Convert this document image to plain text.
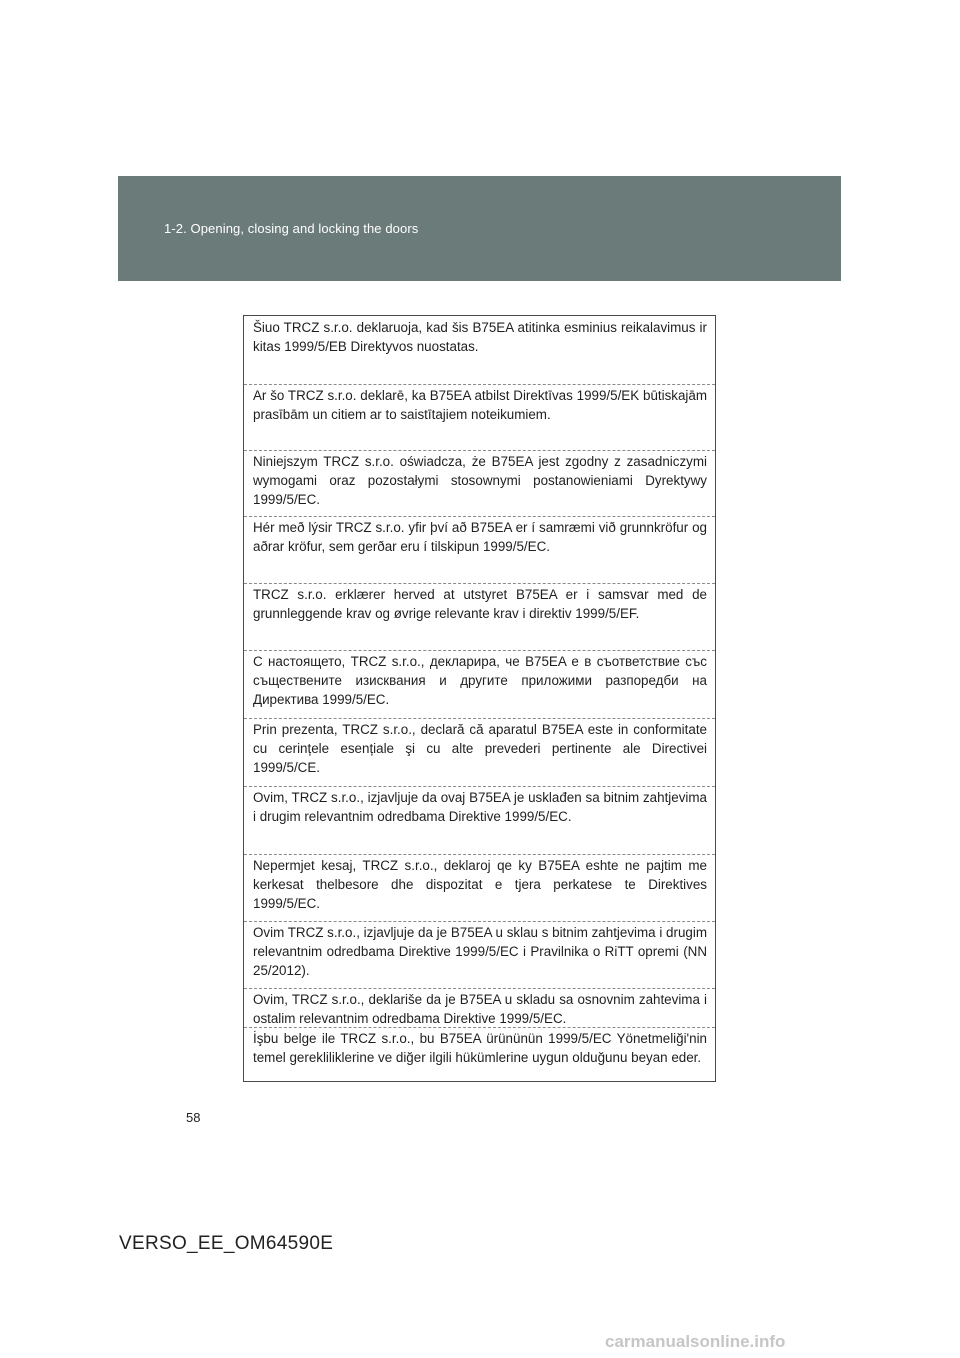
1-2. Opening, closing and locking the doors
Šiuo TRCZ s.r.o. deklaruoja, kad šis B75EA atitinka esminius reikalavimus ir kitas 1999/5/EB Direktyvos nuostatas.
Ar šo TRCZ s.r.o. deklarē, ka B75EA atbilst Direktīvas 1999/5/EK būtiskajām prasībām un citiem ar to saistītajiem noteikumiem.
Niniejszym TRCZ s.r.o. oświadcza, że B75EA jest zgodny z zasadniczymi wymogami oraz pozostałymi stosownymi postanowieniami Dyrektywy 1999/5/EC.
Hér með lýsir TRCZ s.r.o. yfir því að B75EA er í samræmi við grunnkröfur og aðrar kröfur, sem gerðar eru í tilskipun 1999/5/EC.
TRCZ s.r.o. erklærer herved at utstyret B75EA er i samsvar med de grunnleggende krav og øvrige relevante krav i direktiv 1999/5/EF.
С настоящето, TRCZ s.r.o., декларира, че B75EA е в съответствие със съществените изисквания и другите приложими разпоредби на Директива 1999/5/ЕС.
Prin prezenta, TRCZ s.r.o., declară că aparatul B75EA este in conformitate cu cerințele esențiale şi cu alte prevederi pertinente ale Directivei 1999/5/CE.
Ovim, TRCZ s.r.o., izjavljuje da ovaj B75EA je usklađen sa bitnim zahtjevima i drugim relevantnim odredbama Direktive 1999/5/EC.
Nepermjet kesaj, TRCZ s.r.o., deklaroj qe ky B75EA eshte ne pajtim me kerkesat thelbesore dhe dispozitat e tjera perkatese te Direktives 1999/5/EC.
Ovim TRCZ s.r.o., izjavljuje da je B75EA u sklau s bitnim zahtjevima i drugim relevantnim odredbama Direktive 1999/5/EC i Pravilnika o RiTT opremi (NN 25/2012).
Ovim, TRCZ s.r.o., deklariše da je B75EA u skladu sa osnovnim zahtevima i ostalim relevantnim odredbama Direktive 1999/5/EC.
İşbu belge ile TRCZ s.r.o., bu B75EA ürününün 1999/5/EC Yönetmeliği'nin temel gerekliliklerine ve diğer ilgili hükümlerine uygun olduğunu beyan eder.
58
VERSO_EE_OM64590E
carmanualsonline.info
